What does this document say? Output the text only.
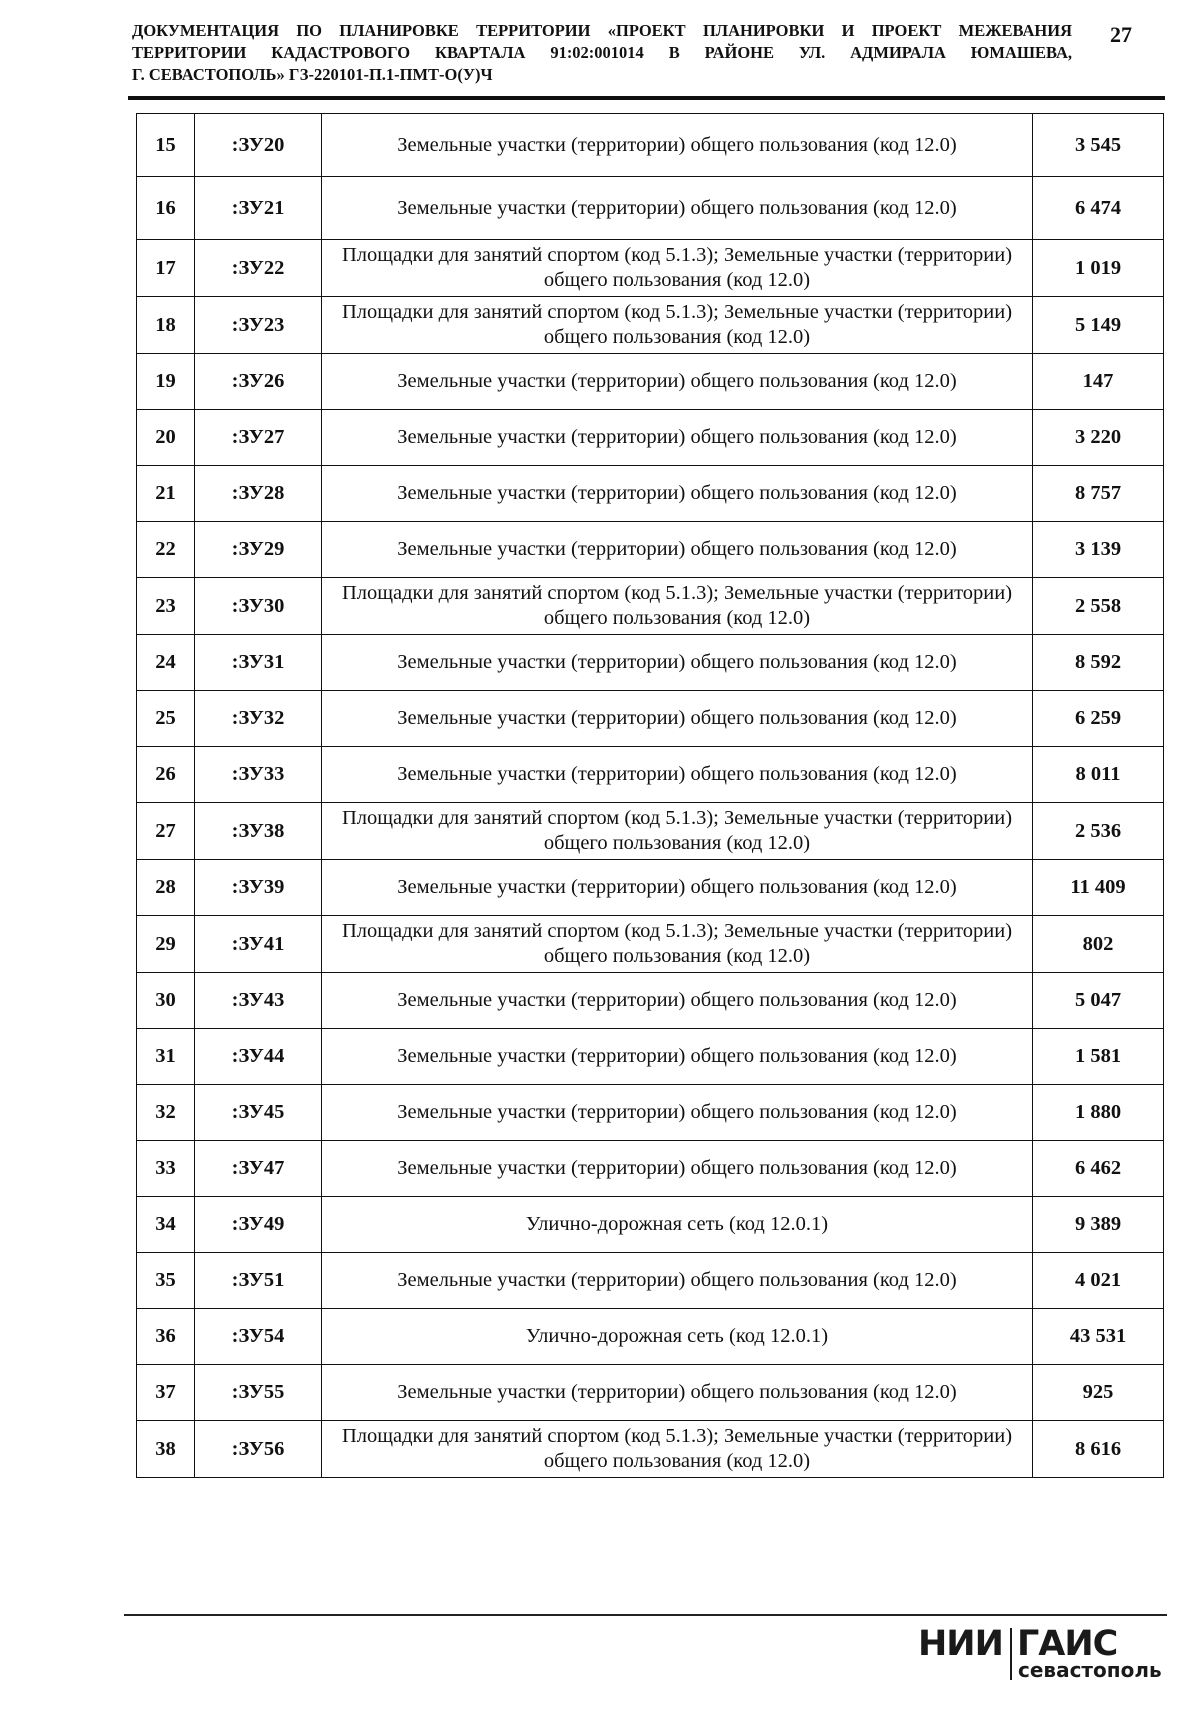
ДОКУМЕНТАЦИЯ ПО ПЛАНИРОВКЕ ТЕРРИТОРИИ «ПРОЕКТ ПЛАНИРОВКИ И ПРОЕКТ МЕЖЕВАНИЯ
ТЕРРИТОРИИ КАДАСТРОВОГО КВАРТАЛА 91:02:001014 В РАЙОНЕ УЛ. АДМИРАЛА ЮМАШЕВА,
Г. СЕВАСТОПОЛЬ» ГЗ-220101-П.1-ПМТ-О(У)Ч
27
15	:ЗУ20	Земельные участки (территории) общего пользования (код 12.0)	3 545
16	:ЗУ21	Земельные участки (территории) общего пользования (код 12.0)	6 474
17	:ЗУ22	Площадки для занятий спортом (код 5.1.3); Земельные участки (территории) общего пользования (код 12.0)	1 019
18	:ЗУ23	Площадки для занятий спортом (код 5.1.3); Земельные участки (территории) общего пользования (код 12.0)	5 149
19	:ЗУ26	Земельные участки (территории) общего пользования (код 12.0)	147
20	:ЗУ27	Земельные участки (территории) общего пользования (код 12.0)	3 220
21	:ЗУ28	Земельные участки (территории) общего пользования (код 12.0)	8 757
22	:ЗУ29	Земельные участки (территории) общего пользования (код 12.0)	3 139
23	:ЗУ30	Площадки для занятий спортом (код 5.1.3); Земельные участки (территории) общего пользования (код 12.0)	2 558
24	:ЗУ31	Земельные участки (территории) общего пользования (код 12.0)	8 592
25	:ЗУ32	Земельные участки (территории) общего пользования (код 12.0)	6 259
26	:ЗУ33	Земельные участки (территории) общего пользования (код 12.0)	8 011
27	:ЗУ38	Площадки для занятий спортом (код 5.1.3); Земельные участки (территории) общего пользования (код 12.0)	2 536
28	:ЗУ39	Земельные участки (территории) общего пользования (код 12.0)	11 409
29	:ЗУ41	Площадки для занятий спортом (код 5.1.3); Земельные участки (территории) общего пользования (код 12.0)	802
30	:ЗУ43	Земельные участки (территории) общего пользования (код 12.0)	5 047
31	:ЗУ44	Земельные участки (территории) общего пользования (код 12.0)	1 581
32	:ЗУ45	Земельные участки (территории) общего пользования (код 12.0)	1 880
33	:ЗУ47	Земельные участки (территории) общего пользования (код 12.0)	6 462
34	:ЗУ49	Улично-дорожная сеть (код 12.0.1)	9 389
35	:ЗУ51	Земельные участки (территории) общего пользования (код 12.0)	4 021
36	:ЗУ54	Улично-дорожная сеть (код 12.0.1)	43 531
37	:ЗУ55	Земельные участки (территории) общего пользования (код 12.0)	925
38	:ЗУ56	Площадки для занятий спортом (код 5.1.3); Земельные участки (территории) общего пользования (код 12.0)	8 616
НИИ ГАИС
севастополь
